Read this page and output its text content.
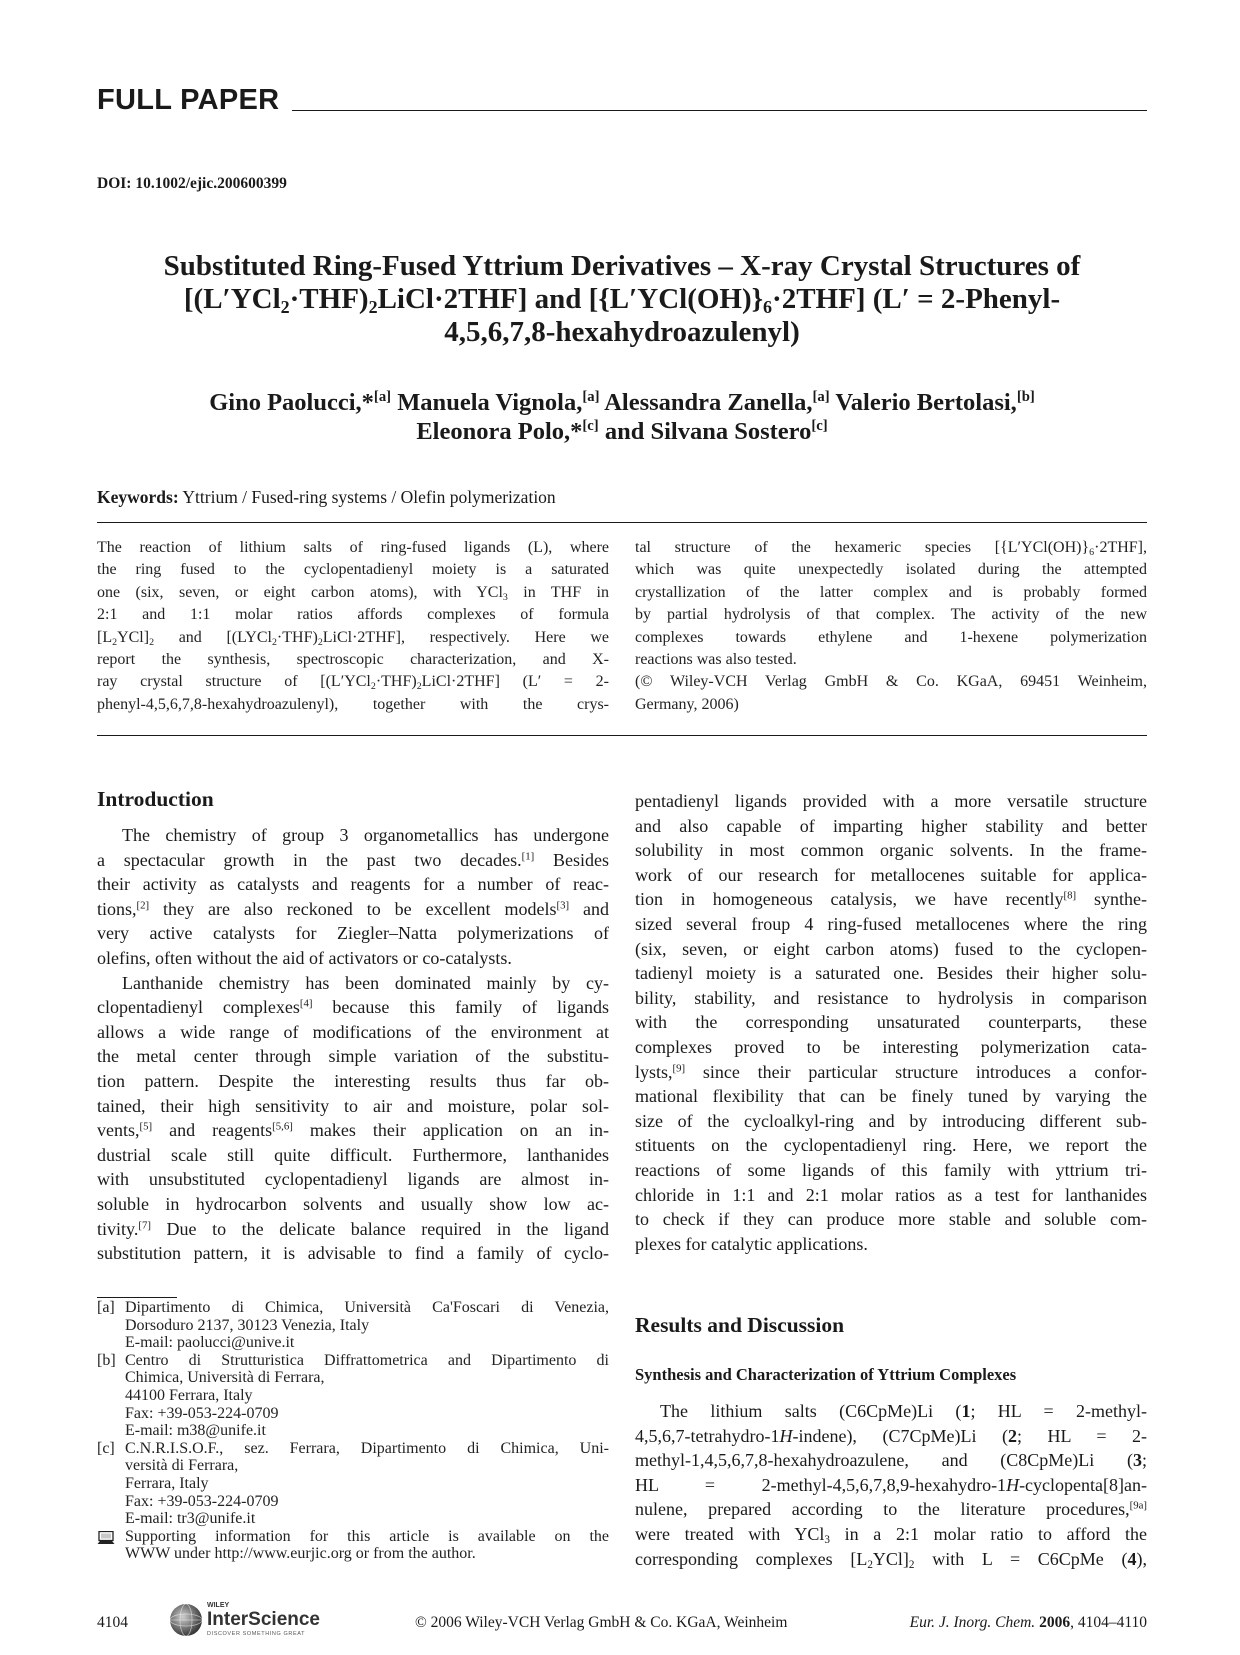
FULL PAPER
DOI: 10.1002/ejic.200600399
Substituted Ring-Fused Yttrium Derivatives – X-ray Crystal Structures of
$[(L'YCl_2\cdot THF)_2LiCl\cdot 2THF]$ and $[\{L'YCl(OH)\}_6\cdot 2THF] (L'$ = 2-Phenyl-
4,5,6,7,8-hexahydroazulenyl)
Gino Paolucci,*[a] Manuela Vignola,[a] Alessandra Zanella,[a] Valerio Bertolasi,[b]
Eleonora Polo,*[c] and Silvana Sostero[c]
Keywords: Yttrium / Fused-ring systems / Olefin polymerization
The reaction of lithium salts of ring-fused ligands (L), where
the ring fused to the cyclopentadienyl moiety is a saturated
one (six, seven, or eight carbon atoms), with YCl$_3$ in THF in
2:1 and 1:1 molar ratios affords complexes of formula
$[L_2YCl]_2$ and $[(LYCl_2\cdot THF)_2LiCl\cdot 2THF]$, respectively. Here we
report the synthesis, spectroscopic characterization, and X-
ray crystal structure of $[(L'YCl_2\cdot THF)_2LiCl\cdot 2THF] (L' = 2-$
phenyl-4,5,6,7,8-hexahydroazulenyl), together with the crys-
tal structure of the hexameric species $[\{L'YCl(OH)\}_6\cdot 2THF]$,
which was quite unexpectedly isolated during the attempted
crystallization of the latter complex and is probably formed
by partial hydrolysis of that complex. The activity of the new
complexes towards ethylene and 1-hexene polymerization
reactions was also tested.
(© Wiley-VCH Verlag GmbH & Co. KGaA, 69451 Weinheim,
Germany, 2006)
Introduction
The chemistry of group 3 organometallics has undergone
a spectacular growth in the past two decades.[1] Besides
their activity as catalysts and reagents for a number of reac-
tions,[2] they are also reckoned to be excellent models[3] and
very active catalysts for Ziegler–Natta polymerizations of
olefins, often without the aid of activators or co-catalysts.
Lanthanide chemistry has been dominated mainly by cy-
clopentadienyl complexes[4] because this family of ligands
allows a wide range of modifications of the environment at
the metal center through simple variation of the substitu-
tion pattern. Despite the interesting results thus far ob-
tained, their high sensitivity to air and moisture, polar sol-
vents,[5] and reagents[5,6] makes their application on an in-
dustrial scale still quite difficult. Furthermore, lanthanides
with unsubstituted cyclopentadienyl ligands are almost in-
soluble in hydrocarbon solvents and usually show low ac-
tivity.[7] Due to the delicate balance required in the ligand
substitution pattern, it is advisable to find a family of cyclo-
pentadienyl ligands provided with a more versatile structure
and also capable of imparting higher stability and better
solubility in most common organic solvents. In the frame-
work of our research for metallocenes suitable for applica-
tion in homogeneous catalysis, we have recently[8] synthe-
sized several froup 4 ring-fused metallocenes where the ring
(six, seven, or eight carbon atoms) fused to the cyclopen-
tadienyl moiety is a saturated one. Besides their higher solu-
bility, stability, and resistance to hydrolysis in comparison
with the corresponding unsaturated counterparts, these
complexes proved to be interesting polymerization cata-
lysts,[9] since their particular structure introduces a confor-
mational flexibility that can be finely tuned by varying the
size of the cycloalkyl-ring and by introducing different sub-
stituents on the cyclopentadienyl ring. Here, we report the
reactions of some ligands of this family with yttrium tri-
chloride in 1:1 and 2:1 molar ratios as a test for lanthanides
to check if they can produce more stable and soluble com-
plexes for catalytic applications.
Results and Discussion
Synthesis and Characterization of Yttrium Complexes
The lithium salts (C6CpMe)Li (1; HL = 2-methyl-
4,5,6,7-tetrahydro-1H-indene), (C7CpMe)Li (2; HL = 2-
methyl-1,4,5,6,7,8-hexahydroazulene, and (C8CpMe)Li (3;
HL = 2-methyl-4,5,6,7,8,9-hexahydro-1H-cyclopenta[8]an-
nulene, prepared according to the literature procedures,[9a]
were treated with YCl$_3$ in a 2:1 molar ratio to afford the
corresponding complexes $[L_2YCl]_2$ with L = C6CpMe (4),
[a] Dipartimento di Chimica, Università Ca'Foscari di Venezia,
Dorsoduro 2137, 30123 Venezia, Italy
E-mail: paolucci@unive.it
[b] Centro di Strutturistica Diffrattometrica and Dipartimento di
Chimica, Università di Ferrara,
44100 Ferrara, Italy
Fax: +39-053-224-0709
E-mail: m38@unife.it
[c] C.N.R.I.S.O.F., sez. Ferrara, Dipartimento di Chimica, Uni-
versità di Ferrara,
Ferrara, Italy
Fax: +39-053-224-0709
E-mail: tr3@unife.it
Supporting information for this article is available on the
WWW under http://www.eurjic.org or from the author.
4104
WILEY
InterScience
DISCOVER SOMETHING GREAT
© 2006 Wiley-VCH Verlag GmbH & Co. KGaA, Weinheim	Eur. J. Inorg. Chem. 2006, 4104–4110
